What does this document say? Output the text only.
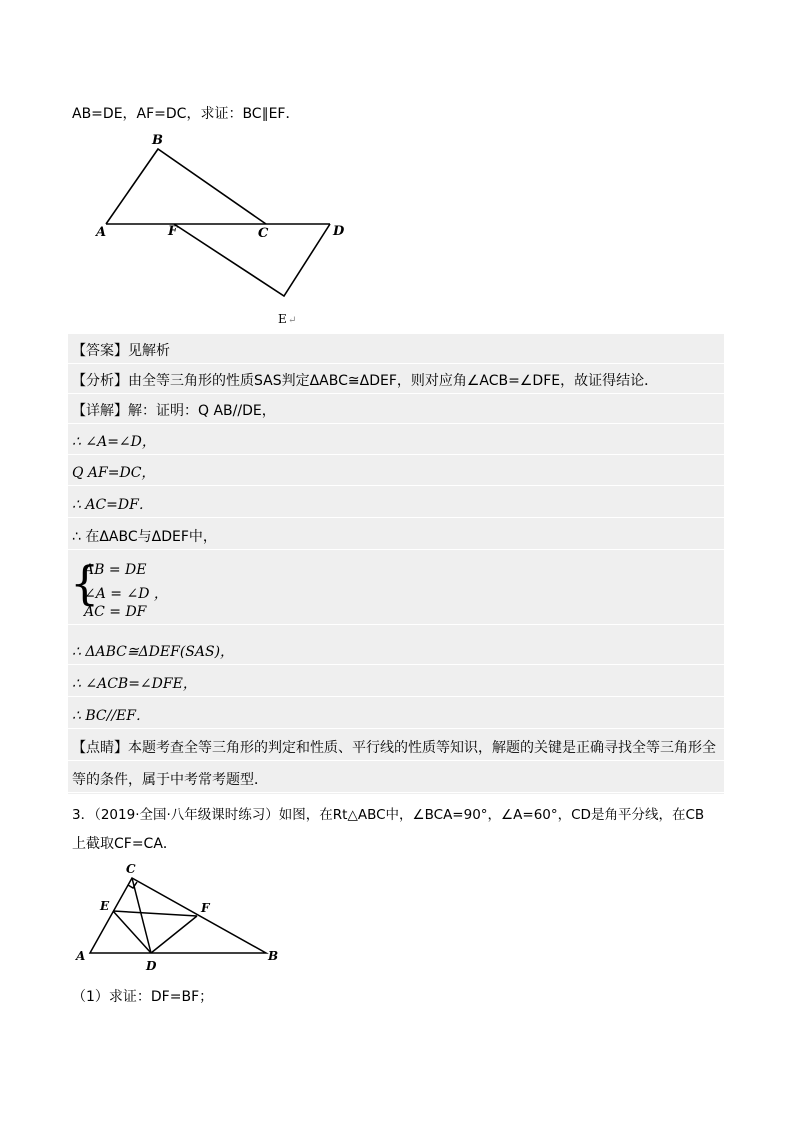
AB=DE，AF=DC，求证：BC∥EF．
A
B
C	D
F
E ↵
【答案】见解析
【分析】由全等三角形的性质SAS判定ΔABC≅ΔDEF，则对应角∠ACB=∠DFE，故证得结论．
【详解】解：证明：Q AB//DE，
∴ ∠A=∠D，
Q AF=DC，
∴ AC=DF．
∴ 在ΔABC与ΔDEF中，
{
AB = DE
∠A = ∠D ，
AC = DF
∴ ΔABC≅ΔDEF(SAS)，
∴ ∠ACB=∠DFE，
∴ BC//EF．
【点睛】本题考查全等三角形的判定和性质、平行线的性质等知识，解题的关键是正确寻找全等三角形全
等的条件，属于中考常考题型．
3．（2019·全国·八年级课时练习）如图，在Rt△ABC中，∠BCA=90°，∠A=60°，CD是角平分线，在CB
上截取CF=CA．
A	B
C
D
E	F
（1）求证：DF=BF；
